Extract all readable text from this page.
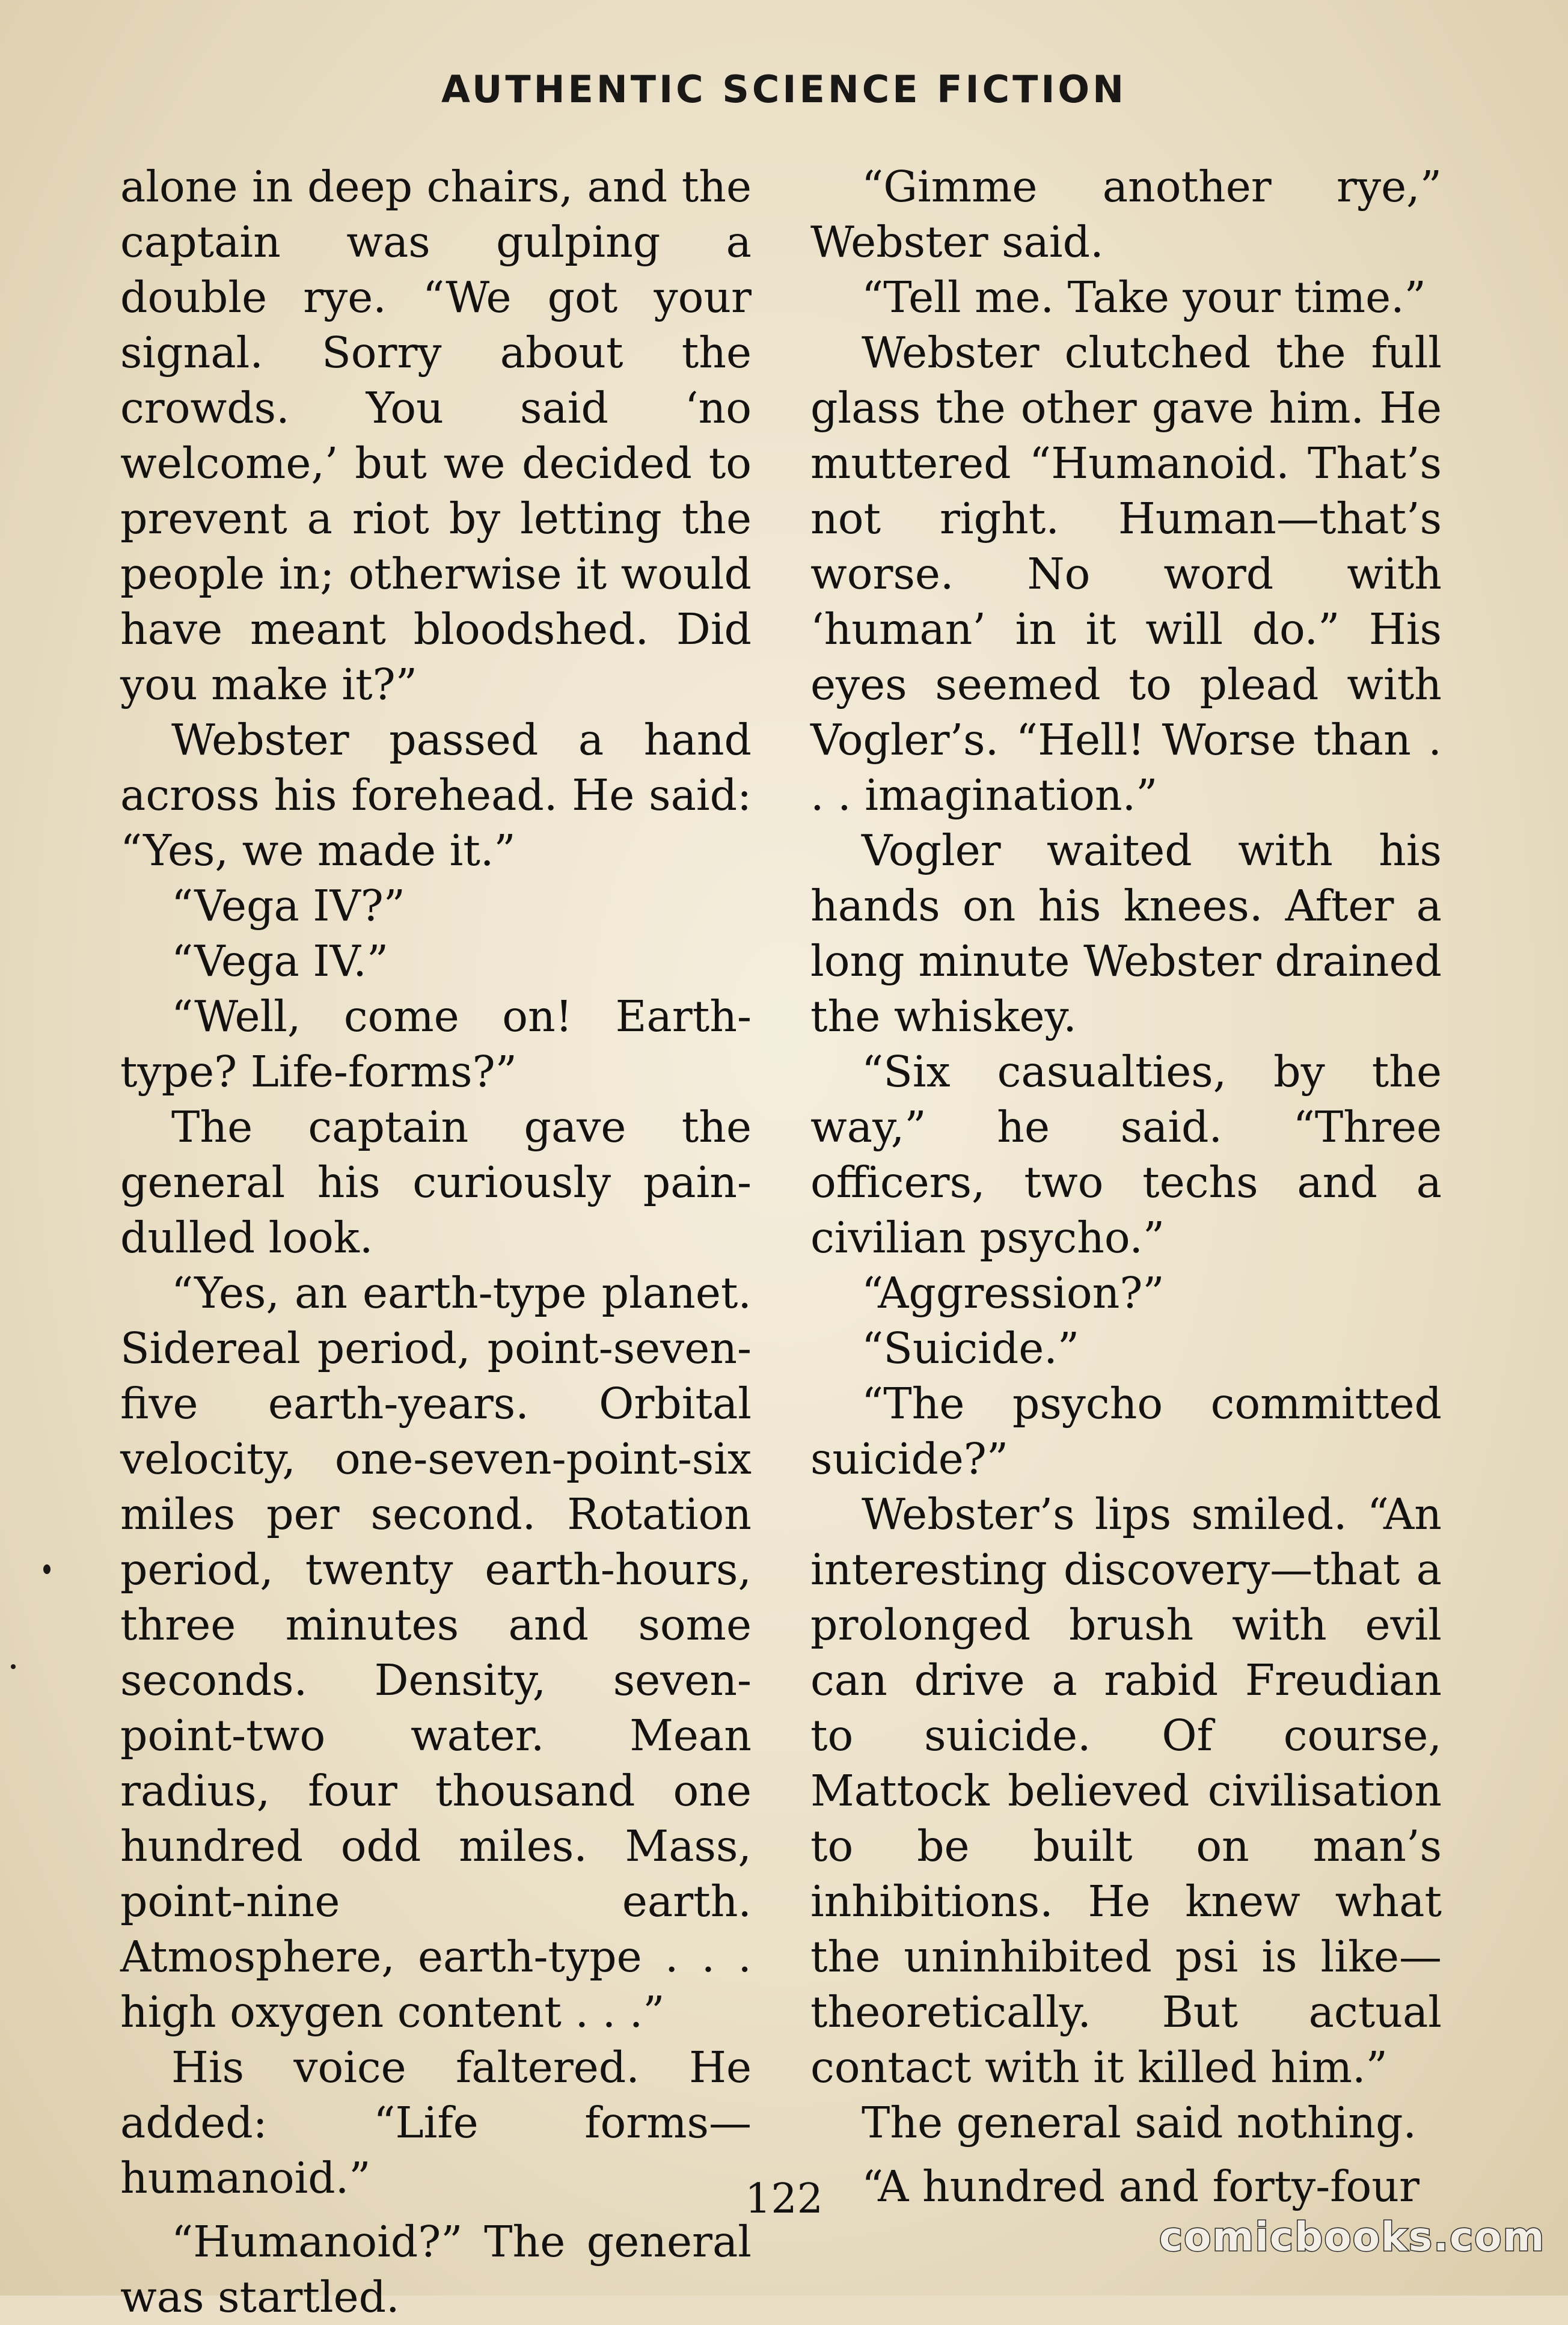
AUTHENTIC SCIENCE FICTION

alone in deep chairs, and the captain was gulping a double rye. “We got your signal. Sorry about the crowds. You said ‘no welcome,’ but we decided to prevent a riot by letting the people in; otherwise it would have meant bloodshed. Did you make it?”

Webster passed a hand across his forehead. He said: “Yes, we made it.”

“Vega IV?”

“Vega IV.”

“Well, come on! Earth-type? Life-forms?”

The captain gave the general his curiously pain-dulled look.

“Yes, an earth-type planet. Sidereal period, point-seven-five earth-years. Orbital velocity, one-seven-point-six miles per second. Rotation period, twenty earth-hours, three minutes and some seconds. Density, seven-point-two water. Mean radius, four thousand one hundred odd miles. Mass, point-nine earth. Atmosphere, earth-type . . . high oxygen content . . .”

His voice faltered. He added: “Life forms—humanoid.”

“Humanoid?” The general was startled.

“Gimme another rye,” Webster said.

“Tell me. Take your time.”

Webster clutched the full glass the other gave him. He muttered “Humanoid. That’s not right. Human—that’s worse. No word with ‘human’ in it will do.” His eyes seemed to plead with Vogler’s. “Hell! Worse than . . . imagination.”

Vogler waited with his hands on his knees. After a long minute Webster drained the whiskey.

“Six casualties, by the way,” he said. “Three officers, two techs and a civilian psycho.”

“Aggression?”

“Suicide.”

“The psycho committed suicide?”

Webster’s lips smiled. “An interesting discovery—that a prolonged brush with evil can drive a rabid Freudian to suicide. Of course, Mattock believed civilisation to be built on man’s inhibitions. He knew what the uninhibited psi is like—theoretically. But actual contact with it killed him.”

The general said nothing.

“A hundred and forty-four

122
comicbooks.com
